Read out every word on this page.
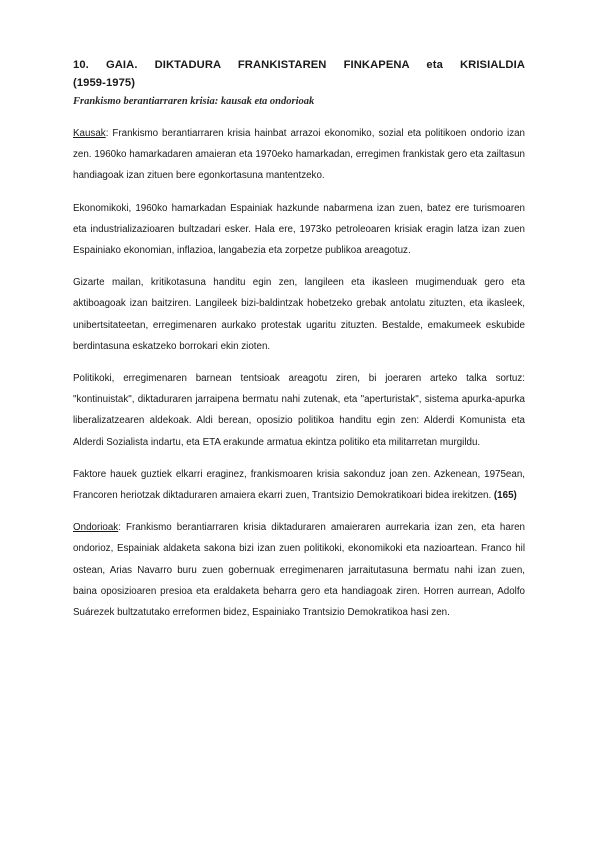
10. GAIA. DIKTADURA FRANKISTAREN FINKAPENA eta KRISIALDIA
(1959-1975)
Frankismo berantiarraren krisia: kausak eta ondorioak

Kausak: Frankismo berantiarraren krisia hainbat arrazoi ekonomiko, sozial eta politikoen ondorio izan zen. 1960ko hamarkadaren amaieran eta 1970eko hamarkadan, erregimen frankistak gero eta zailtasun handiagoak izan zituen bere egonkortasuna mantentzeko.

Ekonomikoki, 1960ko hamarkadan Espainiak hazkunde nabarmena izan zuen, batez ere turismoaren eta industrializazioaren bultzadari esker. Hala ere, 1973ko petroleoaren krisiak eragin latza izan zuen Espainiako ekonomian, inflazioa, langabezia eta zorpetze publikoa areagotuz.

Gizarte mailan, kritikotasuna handitu egin zen, langileen eta ikasleen mugimenduak gero eta aktiboagoak izan baitziren. Langileek bizi-baldintzak hobetzeko grebak antolatu zituzten, eta ikasleek, unibertsitateetan, erregimenaren aurkako protestak ugaritu zituzten. Bestalde, emakumeek eskubide berdintasuna eskatzeko borrokari ekin zioten.

Politikoki, erregimenaren barnean tentsioak areagotu ziren, bi joeraren arteko talka sortuz: "kontinuistak", diktaduraren jarraipena bermatu nahi zutenak, eta "aperturistak", sistema apurka-apurka liberalizatzearen aldekoak. Aldi berean, oposizio politikoa handitu egin zen: Alderdi Komunista eta Alderdi Sozialista indartu, eta ETA erakunde armatua ekintza politiko eta militarretan murgildu.

Faktore hauek guztiek elkarri eraginez, frankismoaren krisia sakonduz joan zen. Azkenean, 1975ean, Francoren heriotzak diktaduraren amaiera ekarri zuen, Trantsizio Demokratikoari bidea irekitzen. (165)

Ondorioak: Frankismo berantiarraren krisia diktaduraren amaieraren aurrekaria izan zen, eta haren ondorioz, Espainiak aldaketa sakona bizi izan zuen politikoki, ekonomikoki eta nazioartean. Franco hil ostean, Arias Navarro buru zuen gobernuak erregimenaren jarraitutasuna bermatu nahi izan zuen, baina oposizioaren presioa eta eraldaketa beharra gero eta handiagoak ziren. Horren aurrean, Adolfo Suárezek bultzatutako erreformen bidez, Espainiako Trantsizio Demokratikoa hasi zen.
